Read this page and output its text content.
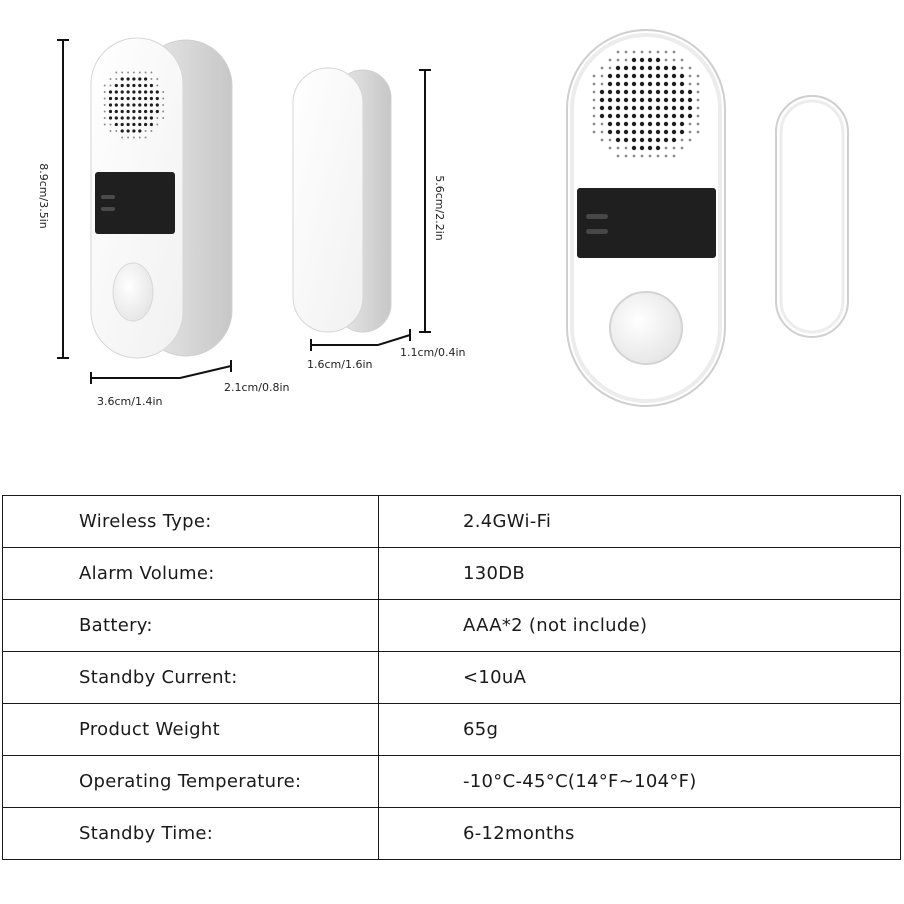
8.9cm/3.5in
3.6cm/1.4in
2.1cm/0.8in
5.6cm/2.2in
1.6cm/1.6in
1.1cm/0.4in
Wireless Type:	2.4GWi-Fi
Alarm Volume:	130DB
Battery:	AAA*2 (not include)
Standby Current:	<10uA
Product Weight	65g
Operating Temperature:	-10°C-45°C(14°F~104°F)
Standby Time:	6-12months
